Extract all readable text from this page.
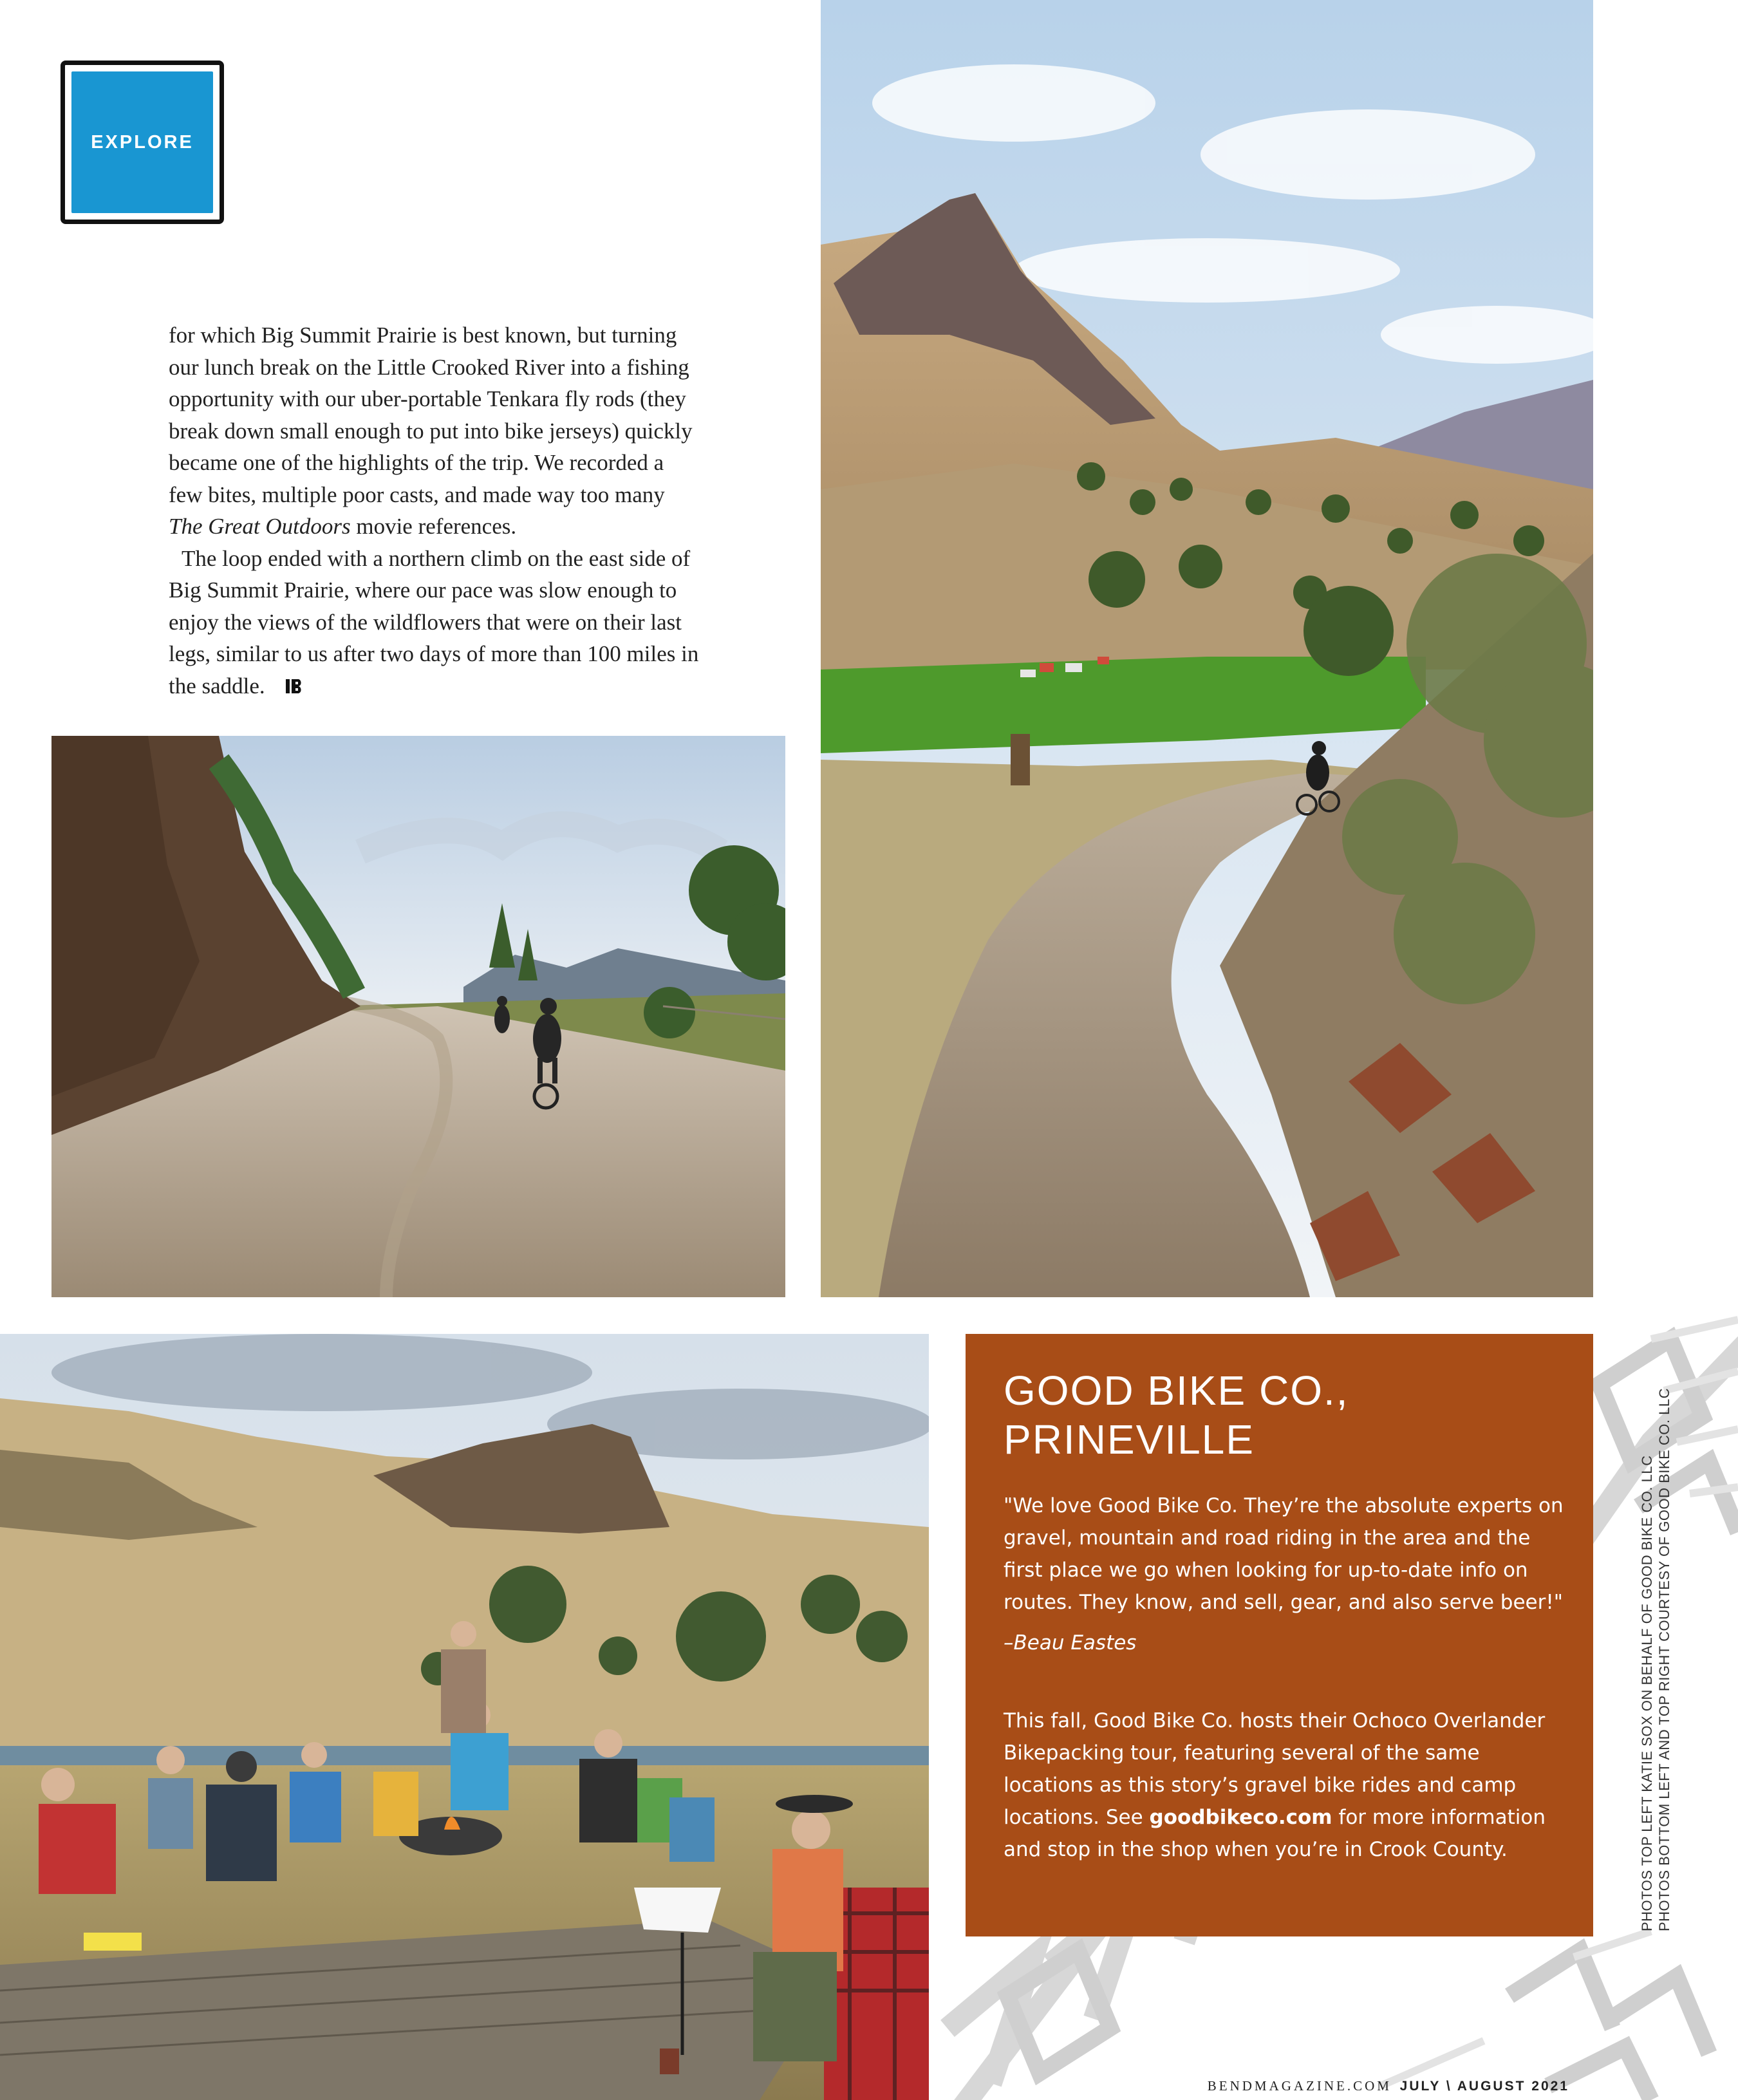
EXPLORE

for which Big Summit Prairie is best known, but turning
our lunch break on the Little Crooked River into a fishing
opportunity with our uber-portable Tenkara fly rods (they
break down small enough to put into bike jerseys) quickly
became one of the highlights of the trip. We recorded a
few bites, multiple poor casts, and made way too many
The Great Outdoors movie references.

The loop ended with a northern climb on the east side of
Big Summit Prairie, where our pace was slow enough to
enjoy the views of the wildflowers that were on their last
legs, similar to us after two days of more than 100 miles in
the saddle.

GOOD BIKE CO.,
PRINEVILLE

"We love Good Bike Co. They’re the absolute experts on gravel, mountain and road riding in the area and the first place we go when looking for up-to-date info on routes. They know, and sell, gear, and also serve beer!"

–Beau Eastes

This fall, Good Bike Co. hosts their Ochoco Overlander Bikepacking tour, featuring several of the same locations as this story’s gravel bike rides and camp locations. See goodbikeco.com for more information and stop in the shop when you’re in Crook County.	PHOTOS TOP LEFT KATIE SOX ON BEHALF OF GOOD BIKE CO. LLC PHOTOS BOTTOM LEFT AND TOP RIGHT COURTESY OF GOOD BIKE CO. LLC
BENDMAGAZINE.COM JULY \ AUGUST 2021
